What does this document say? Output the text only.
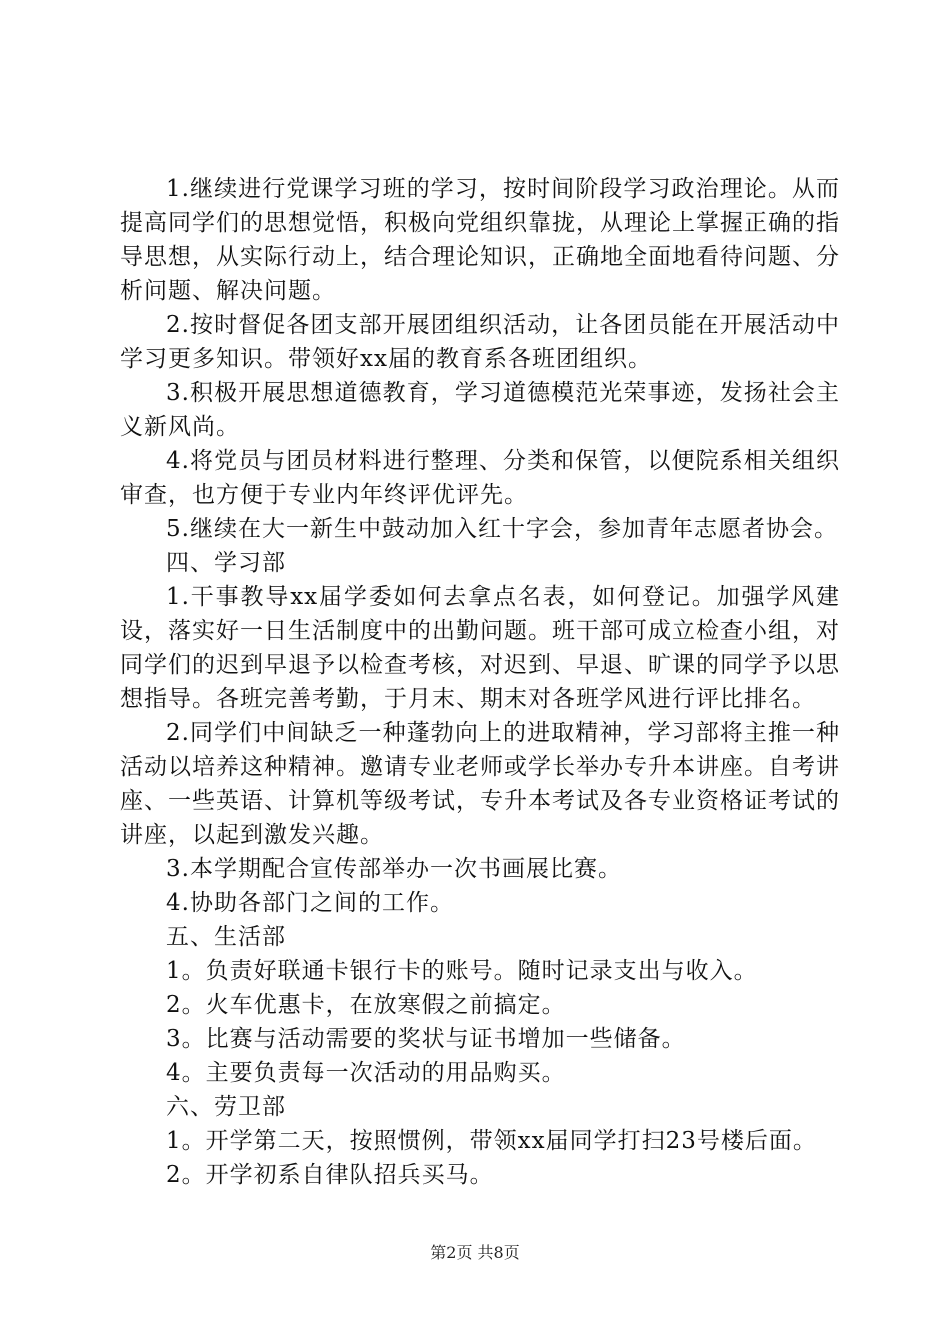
1.继续进行党课学习班的学习，按时间阶段学习政治理论。从而提高同学们的思想觉悟，积极向党组织靠拢，从理论上掌握正确的指导思想，从实际行动上，结合理论知识，正确地全面地看待问题、分析问题、解决问题。

2.按时督促各团支部开展团组织活动，让各团员能在开展活动中学习更多知识。带领好xx届的教育系各班团组织。

3.积极开展思想道德教育，学习道德模范光荣事迹，发扬社会主义新风尚。

4.将党员与团员材料进行整理、分类和保管，以便院系相关组织审查，也方便于专业内年终评优评先。

5.继续在大一新生中鼓动加入红十字会，参加青年志愿者协会。

四、学习部

1.干事教导xx届学委如何去拿点名表，如何登记。加强学风建设，落实好一日生活制度中的出勤问题。班干部可成立检查小组，对同学们的迟到早退予以检查考核，对迟到、早退、旷课的同学予以思想指导。各班完善考勤，于月末、期末对各班学风进行评比排名。

2.同学们中间缺乏一种蓬勃向上的进取精神，学习部将主推一种活动以培养这种精神。邀请专业老师或学长举办专升本讲座。自考讲座、一些英语、计算机等级考试，专升本考试及各专业资格证考试的讲座，以起到激发兴趣。

3.本学期配合宣传部举办一次书画展比赛。

4.协助各部门之间的工作。

五、生活部

1。负责好联通卡银行卡的账号。随时记录支出与收入。

2。火车优惠卡，在放寒假之前搞定。

3。比赛与活动需要的奖状与证书增加一些储备。

4。主要负责每一次活动的用品购买。

六、劳卫部

1。开学第二天，按照惯例，带领xx届同学打扫23号楼后面。

2。开学初系自律队招兵买马。

第2页 共8页
